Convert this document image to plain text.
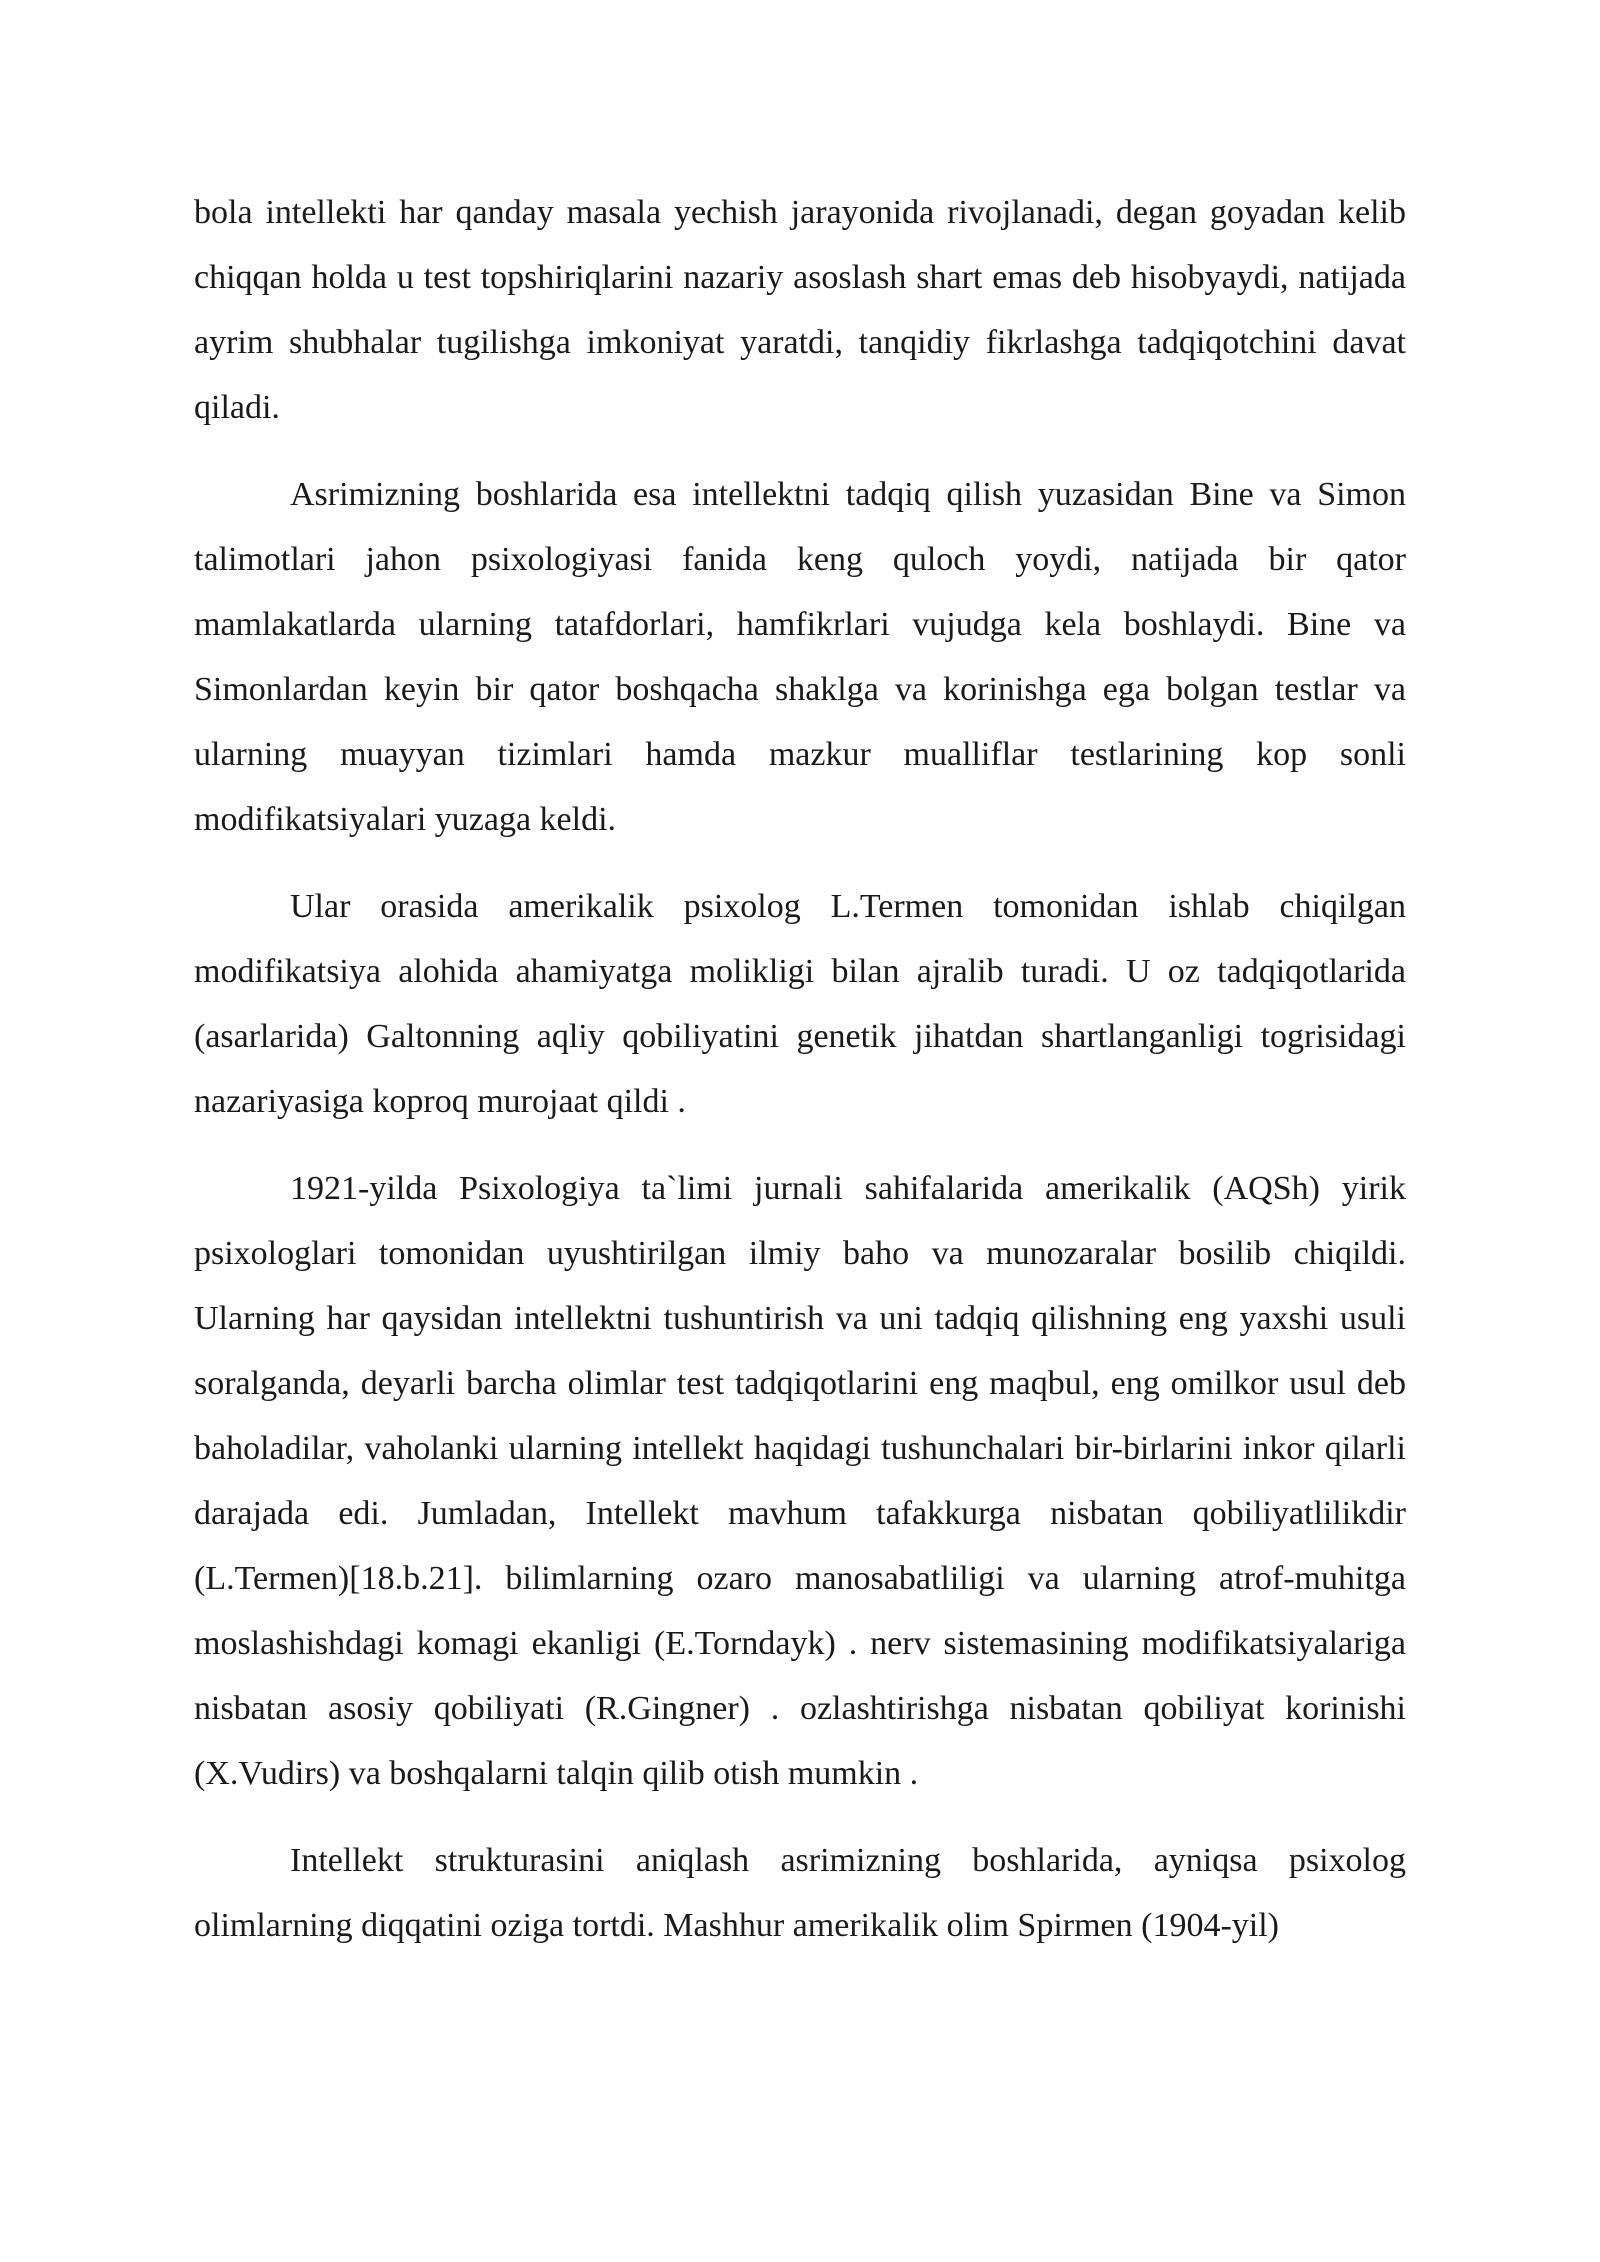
bola intellekti har qanday masala yechish jarayonida rivojlanadi, degan goyadan kelib chiqqan holda u test topshiriqlarini nazariy asoslash shart emas deb hisobyaydi, natijada ayrim shubhalar tugilishga imkoniyat yaratdi, tanqidiy fikrlashga tadqiqotchini davat qiladi.

Asrimizning boshlarida esa intellektni tadqiq qilish yuzasidan Bine va Simon talimotlari jahon psixologiyasi fanida keng quloch yoydi, natijada bir qator mamlakatlarda ularning tatafdorlari, hamfikrlari vujudga kela boshlaydi. Bine va Simonlardan keyin bir qator boshqacha shaklga va korinishga ega bolgan testlar va ularning muayyan tizimlari hamda mazkur mualliflar testlarining kop sonli modifikatsiyalari yuzaga keldi.

Ular orasida amerikalik psixolog L.Termen tomonidan ishlab chiqilgan modifikatsiya alohida ahamiyatga molikligi bilan ajralib turadi. U oz tadqiqotlarida (asarlarida) Galtonning aqliy qobiliyatini genetik jihatdan shartlanganligi togrisidagi nazariyasiga koproq murojaat qildi .

1921-yilda Psixologiya ta`limi jurnali sahifalarida amerikalik (AQSh) yirik psixologlari tomonidan uyushtirilgan ilmiy baho va munozaralar bosilib chiqildi. Ularning har qaysidan intellektni tushuntirish va uni tadqiq qilishning eng yaxshi usuli soralganda, deyarli barcha olimlar test tadqiqotlarini eng maqbul, eng omilkor usul deb baholadilar, vaholanki ularning intellekt haqidagi tushunchalari bir-birlarini inkor qilarli darajada edi. Jumladan, Intellekt mavhum tafakkurga nisbatan qobiliyatlilikdir (L.Termen)[18.b.21]. bilimlarning ozaro manosabatliligi va ularning atrof-muhitga moslashishdagi komagi ekanligi (E.Torndayk) . nerv sistemasining modifikatsiyalariga nisbatan asosiy qobiliyati (R.Gingner) . ozlashtirishga nisbatan qobiliyat korinishi (X.Vudirs) va boshqalarni talqin qilib otish mumkin .

Intellekt strukturasini aniqlash asrimizning boshlarida, ayniqsa psixolog olimlarning diqqatini oziga tortdi. Mashhur amerikalik olim Spirmen (1904-yil)
